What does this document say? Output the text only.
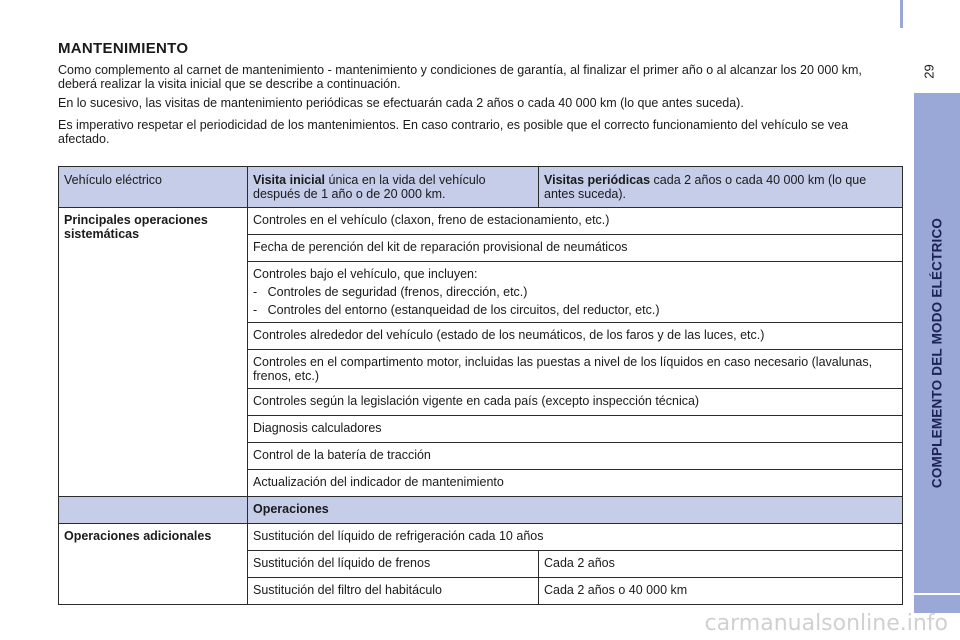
29
COMPLEMENTO DEL MODO ELÉCTRICO
MANTENIMIENTO

Como complemento al carnet de mantenimiento - mantenimiento y condiciones de garantía, al finalizar el primer año o al alcanzar los 20 000 km, deberá realizar la visita inicial que se describe a continuación.

En lo sucesivo, las visitas de mantenimiento periódicas se efectuarán cada 2 años o cada 40 000 km (lo que antes suceda).

Es imperativo respetar el periodicidad de los mantenimientos. En caso contrario, es posible que el correcto funcionamiento del vehículo se vea afectado.

Vehículo eléctrico	Visita inicial única en la vida del vehículo después de 1 año o de 20 000 km.	Visitas periódicas cada 2 años o cada 40 000 km (lo que antes suceda).
Principales operaciones sistemáticas	Controles en el vehículo (claxon, freno de estacionamiento, etc.)	
	Fecha de perención del kit de reparación provisional de neumáticos	

	Controles bajo el vehículo, que incluyen:
-   Controles de seguridad (frenos, dirección, etc.)
-   Controles del entorno (estanqueidad de los circuitos, del reductor, etc.)	

	Controles alrededor del vehículo (estado de los neumáticos, de los faros y de las luces, etc.)	
	Controles en el compartimento motor, incluidas las puestas a nivel de los líquidos en caso necesario (lavalunas, frenos, etc.)	
	Controles según la legislación vigente en cada país (excepto inspección técnica)	
	Diagnosis calculadores	
	Control de la batería de tracción	
	Actualización del indicador de mantenimiento	
	Operaciones	
Operaciones adicionales	Sustitución del líquido de refrigeración cada 10 años	
	Sustitución del líquido de frenos	Cada 2 años
	Sustitución del filtro del habitáculo	Cada 2 años o 40 000 km
carmanualsonline.info
